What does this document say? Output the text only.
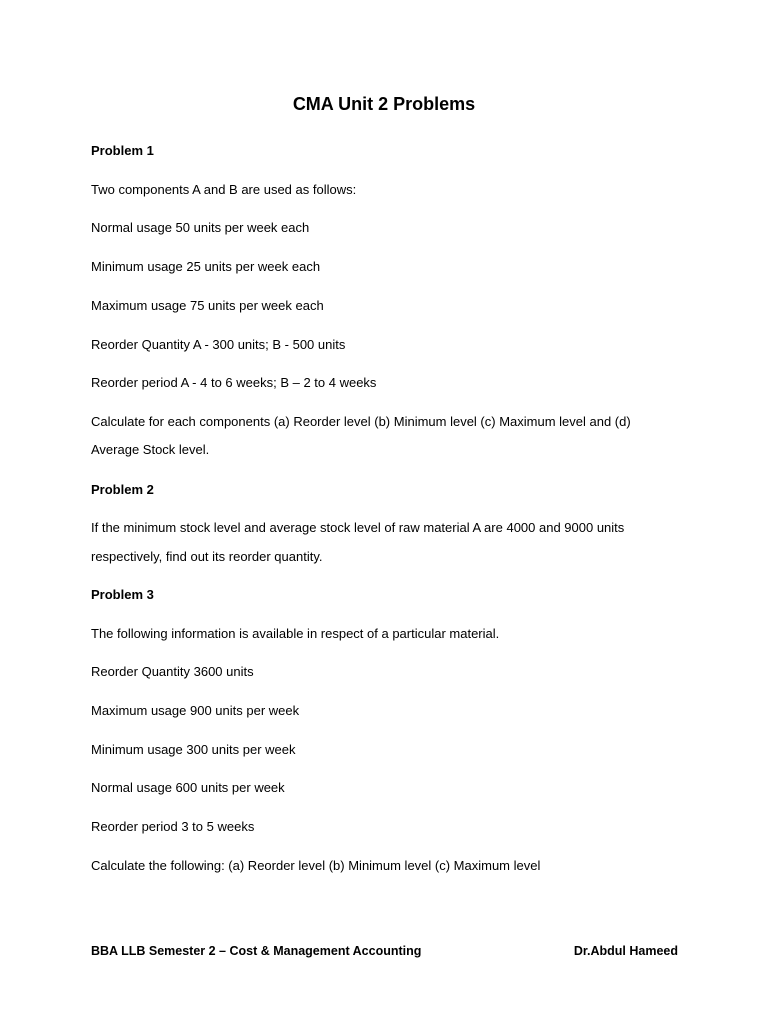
CMA Unit 2 Problems
Problem 1
Two components A and B are used as follows:
Normal usage 50 units per week each
Minimum usage 25 units per week each
Maximum usage 75 units per week each
Reorder Quantity A - 300 units; B - 500 units
Reorder period A - 4 to 6 weeks; B – 2 to 4 weeks
Calculate for each components (a) Reorder level (b) Minimum level (c) Maximum level and (d)
Average Stock level.
Problem 2
If the minimum stock level and average stock level of raw material A are 4000 and 9000 units
respectively, find out its reorder quantity.
Problem 3
The following information is available in respect of a particular material.
Reorder Quantity 3600 units
Maximum usage 900 units per week
Minimum usage 300 units per week
Normal usage 600 units per week
Reorder period 3 to 5 weeks
Calculate the following: (a) Reorder level (b) Minimum level (c) Maximum level
BBA LLB Semester 2 – Cost & Management Accounting	Dr.Abdul Hameed
